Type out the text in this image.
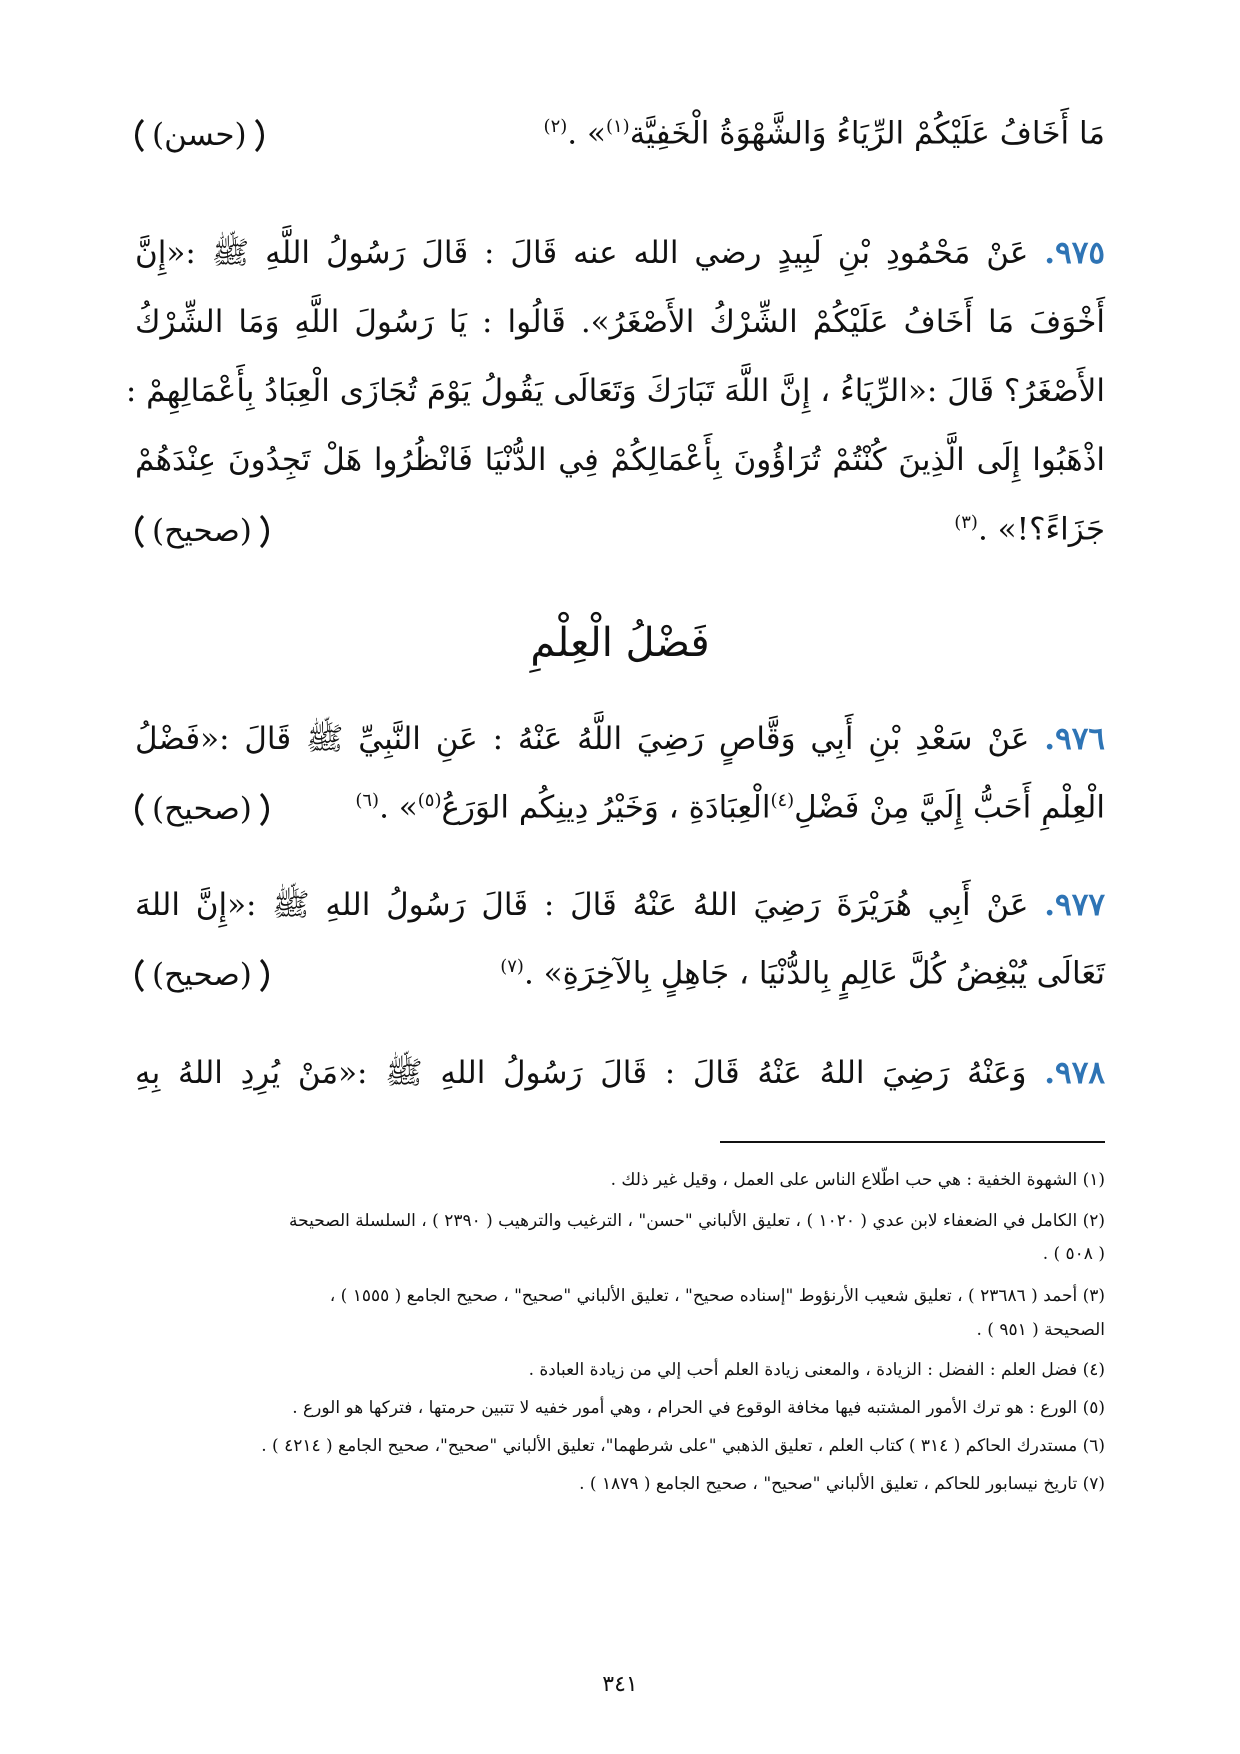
مَا أَخَافُ عَلَيْكُمْ الرِّيَاءُ وَالشَّهْوَةُ الْخَفِيَّة$^{(١)}$» .$^{(٢)}$
(حسن)
٩٧٥. عَنْ مَحْمُودِ بْنِ لَبِيدٍ رضي الله عنه قَالَ : قَالَ رَسُولُ اللَّهِ ﷺ :«إِنَّ
أَخْوَفَ مَا أَخَافُ عَلَيْكُمْ الشِّرْكُ الأَصْغَرُ». قَالُوا : يَا رَسُولَ اللَّهِ وَمَا الشِّرْكُ
الأَصْغَرُ؟ قَالَ :«الرِّيَاءُ ، إِنَّ اللَّهَ تَبَارَكَ وَتَعَالَى يَقُولُ يَوْمَ تُجَازَى الْعِبَادُ بِأَعْمَالِهِمْ :
اذْهَبُوا إِلَى الَّذِينَ كُنْتُمْ تُرَاؤُونَ بِأَعْمَالِكُمْ فِي الدُّنْيَا فَانْظُرُوا هَلْ تَجِدُونَ عِنْدَهُمْ
جَزَاءً؟!» .$^{(٣)}$
(صحيح)
فَضْلُ الْعِلْمِ
٩٧٦. عَنْ سَعْدِ بْنِ أَبِي وَقَّاصٍ رَضِيَ اللَّهُ عَنْهُ : عَنِ النَّبِيِّ ﷺ قَالَ :«فَضْلُ
الْعِلْمِ أَحَبُّ إِلَيَّ مِنْ فَضْلِ$^{(٤)}$الْعِبَادَةِ ، وَخَيْرُ دِينِكُم الوَرَعُ$^{(٥)}$» .$^{(٦)}$
(صحيح)
٩٧٧. عَنْ أَبِي هُرَيْرَةَ رَضِيَ اللهُ عَنْهُ قَالَ : قَالَ رَسُولُ اللهِ ﷺ :«إِنَّ اللهَ
تَعَالَى يُبْغِضُ كُلَّ عَالِمٍ بِالدُّنْيَا ، جَاهِلٍ بِالآخِرَةِ» .$^{(٧)}$
(صحيح)
٩٧٨. وَعَنْهُ رَضِيَ اللهُ عَنْهُ قَالَ : قَالَ رَسُولُ اللهِ ﷺ :«مَنْ يُرِدِ اللهُ بِهِ
(١) الشهوة الخفية : هي حب اطّلاع الناس على العمل ، وقيل غير ذلك .
(٢) الكامل في الضعفاء لابن عدي ( ١٠٢٠ ) ، تعليق الألباني "حسن" ، الترغيب والترهيب ( ٢٣٩٠ ) ، السلسلة الصحيحة
( ٥٠٨ ) .
(٣) أحمد ( ٢٣٦٨٦ ) ، تعليق شعيب الأرنؤوط "إسناده صحيح" ، تعليق الألباني "صحيح" ، صحيح الجامع ( ١٥٥٥ ) ،
الصحيحة ( ٩٥١ ) .
(٤) فضل العلم : الفضل : الزيادة ، والمعنى زيادة العلم أحب إلي من زيادة العبادة .
(٥) الورع : هو ترك الأمور المشتبه فيها مخافة الوقوع في الحرام ، وهي أمور خفيه لا تتبين حرمتها ، فتركها هو الورع .
(٦) مستدرك الحاكم ( ٣١٤ ) كتاب العلم ، تعليق الذهبي "على شرطهما"، تعليق الألباني "صحيح"، صحيح الجامع ( ٤٢١٤ ) .
(٧) تاريخ نيسابور للحاكم ، تعليق الألباني "صحيح" ، صحيح الجامع ( ١٨٧٩ ) .
٣٤١
